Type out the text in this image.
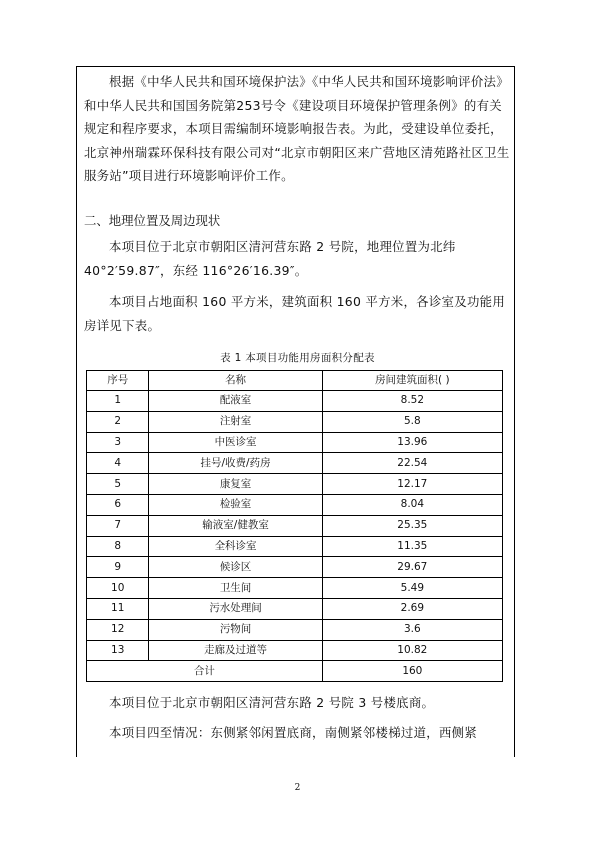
根据《中华人民共和国环境保护法》《中华人民共和国环境影响评价法》和中华人民共和国国务院第253号令《建设项目环境保护管理条例》的有关规定和程序要求，本项目需编制环境影响报告表。为此，受建设单位委托，北京神州瑞霖环保科技有限公司对“北京市朝阳区来广营地区清苑路社区卫生服务站”项目进行环境影响评价工作。

二、地理位置及周边现状

本项目位于北京市朝阳区清河营东路 2 号院，地理位置为北纬40°2′59.87″，东经 116°26′16.39″。

本项目占地面积 160 平方米，建筑面积 160 平方米，各诊室及功能用房详见下表。

表 1 本项目功能用房面积分配表
序号	名称	房间建筑面积( )
1	配液室	8.52
2	注射室	5.8
3	中医诊室	13.96
4	挂号/收费/药房	22.54
5	康复室	12.17
6	检验室	8.04
7	输液室/健教室	25.35
8	全科诊室	11.35
9	候诊区	29.67
10	卫生间	5.49
11	污水处理间	2.69
12	污物间	3.6
13	走廊及过道等	10.82
合计		160

本项目位于北京市朝阳区清河营东路 2 号院 3 号楼底商。

本项目四至情况：东侧紧邻闲置底商，南侧紧邻楼梯过道，西侧紧

2
